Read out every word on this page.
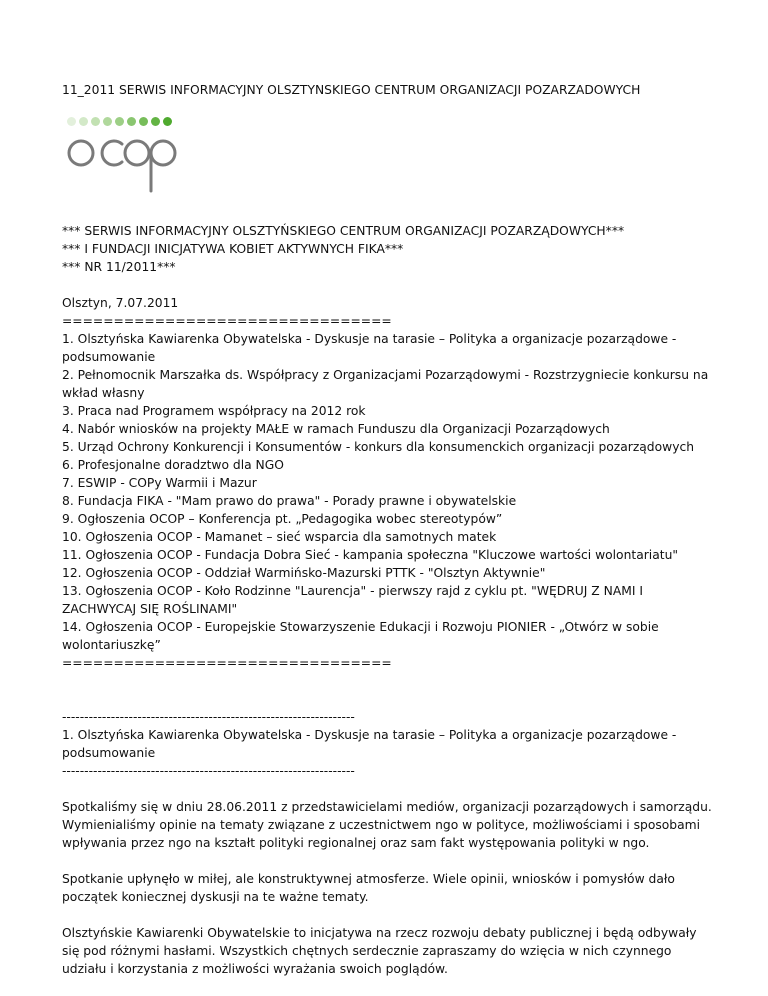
11_2011 SERWIS INFORMACYJNY OLSZTYNSKIEGO CENTRUM ORGANIZACJI POZARZADOWYCH
ocop
*** SERWIS INFORMACYJNY OLSZTYŃSKIEGO CENTRUM ORGANIZACJI POZARZĄDOWYCH***
*** I FUNDACJI INICJATYWA KOBIET AKTYWNYCH FIKA***
*** NR 11/2011***
Olsztyn, 7.07.2011
================================
1. Olsztyńska Kawiarenka Obywatelska - Dyskusje na tarasie – Polityka a organizacje pozarządowe - podsumowanie
2. Pełnomocnik Marszałka ds. Współpracy z Organizacjami Pozarządowymi - Rozstrzygniecie konkursu na wkład własny
3. Praca nad Programem współpracy na 2012 rok
4. Nabór wniosków na projekty MAŁE w ramach Funduszu dla Organizacji Pozarządowych
5. Urząd Ochrony Konkurencji i Konsumentów - konkurs dla konsumenckich organizacji pozarządowych
6. Profesjonalne doradztwo dla NGO
7. ESWIP - COPy Warmii i Mazur
8. Fundacja FIKA - "Mam prawo do prawa" - Porady prawne i obywatelskie
9. Ogłoszenia OCOP – Konferencja pt. „Pedagogika wobec stereotypów”
10. Ogłoszenia OCOP - Mamanet – sieć wsparcia dla samotnych matek
11. Ogłoszenia OCOP - Fundacja Dobra Sieć - kampania społeczna "Kluczowe wartości wolontariatu"
12. Ogłoszenia OCOP - Oddział Warmińsko-Mazurski PTTK - "Olsztyn Aktywnie"
13. Ogłoszenia OCOP - Koło Rodzinne "Laurencja" - pierwszy rajd z cyklu pt. "WĘDRUJ Z NAMI I ZACHWYCAJ SIĘ ROŚLINAMI"
14. Ogłoszenia OCOP - Europejskie Stowarzyszenie Edukacji i Rozwoju PIONIER - „Otwórz w sobie wolontariuszkę”
================================
------------------------------------------------------------------
1. Olsztyńska Kawiarenka Obywatelska - Dyskusje na tarasie – Polityka a organizacje pozarządowe - podsumowanie
------------------------------------------------------------------

Spotkaliśmy się w dniu 28.06.2011 z przedstawicielami mediów, organizacji pozarządowych i samorządu. Wymienialiśmy opinie na tematy związane z uczestnictwem ngo w polityce, możliwościami i sposobami wpływania przez ngo na kształt polityki regionalnej oraz sam fakt występowania polityki w ngo.

Spotkanie upłynęło w miłej, ale konstruktywnej atmosferze. Wiele opinii, wniosków i pomysłów dało początek koniecznej dyskusji na te ważne tematy.

Olsztyńskie Kawiarenki Obywatelskie to inicjatywa na rzecz rozwoju debaty publicznej i będą odbywały się pod różnymi hasłami. Wszystkich chętnych serdecznie zapraszamy do wzięcia w nich czynnego udziału i korzystania z możliwości wyrażania swoich poglądów.
